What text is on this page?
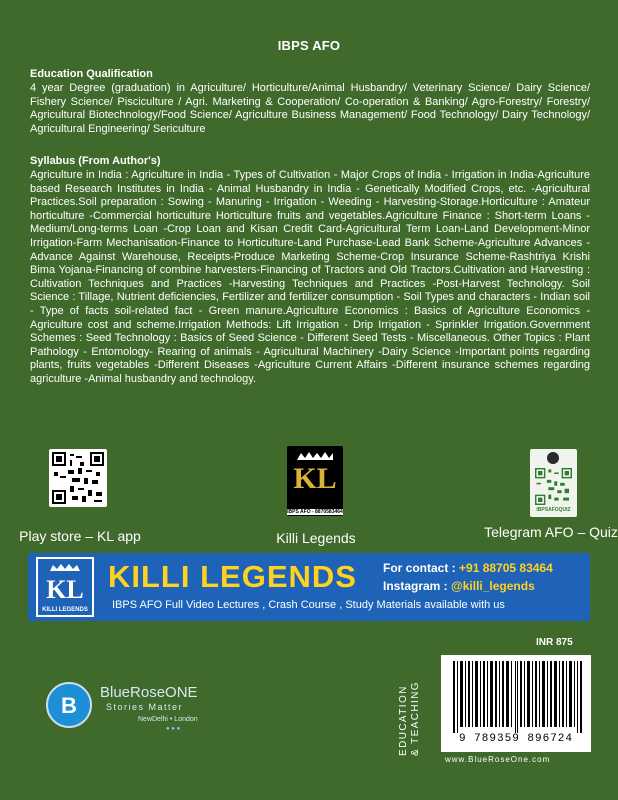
IBPS AFO

Education Qualification

4 year Degree (graduation) in Agriculture/ Horticulture/Animal Husbandry/ Veterinary Science/ Dairy Science/ Fishery Science/ Pisciculture / Agri. Marketing & Cooperation/ Co-operation & Banking/ Agro-Forestry/ Forestry/ Agricultural Biotechnology/Food Science/ Agriculture Business Management/ Food Technology/ Dairy Technology/ Agricultural Engineering/ Sericulture

Syllabus (From Author's)

Agriculture in India : Agriculture in India - Types of Cultivation - Major Crops of India - Irrigation in India-Agriculture based Research Institutes in India - Animal Husbandry in India - Genetically Modified Crops, etc. -Agricultural Practices.Soil preparation : Sowing - Manuring - Irrigation - Weeding - Harvesting-Storage.Horticulture : Amateur horticulture -Commercial horticulture Horticulture fruits and vegetables.Agriculture Finance : Short-term Loans -Medium/Long-terms Loan -Crop Loan and Kisan Credit Card-Agricultural Term Loan-Land Development-Minor Irrigation-Farm Mechanisation-Finance to Horticulture-Land Purchase-Lead Bank Scheme-Agriculture Advances -Advance Against Warehouse, Receipts-Produce Marketing Scheme-Crop Insurance Scheme-Rashtriya Krishi Bima Yojana-Financing of combine harvesters-Financing of Tractors and Old Tractors.Cultivation and Harvesting : Cultivation Techniques and Practices -Harvesting Techniques and Practices -Post-Harvest Technology. Soil Science : Tillage, Nutrient deficiencies, Fertilizer and fertilizer consumption - Soil Types and characters - Indian soil - Type of facts soil-related fact - Green manure.Agriculture Economics : Basics of Agriculture Economics - Agriculture cost and scheme.Irrigation Methods: Lift Irrigation - Drip Irrigation - Sprinkler Irrigation.Government Schemes : Seed Technology : Basics of Seed Science - Different Seed Tests - Miscellaneous. Other Topics : Plant Pathology - Entomology- Rearing of animals - Agricultural Machinery -Dairy Science -Important points regarding plants, fruits vegetables -Different Diseases -Agriculture Current Affairs -Different insurance schemes regarding agriculture -Animal husbandry and technology.

Play store – KL app
KL
IBPS AFO - 8870583464
Killi Legends
IBPSAFOQUIZ
Telegram AFO – Quiz
KL
KILLI LEGENDS
KILLI LEGENDS For contact : +91 88705 83464
Instagram : @killi_legends
IBPS AFO Full Video Lectures , Crash Course , Study Materials available with us
INR 875
B
BlueRoseONE
Stories Matter
NewDelhi • London
● ● ●	EDUCATION
& TEACHING	9 789359 896724
www.BlueRoseOne.com
